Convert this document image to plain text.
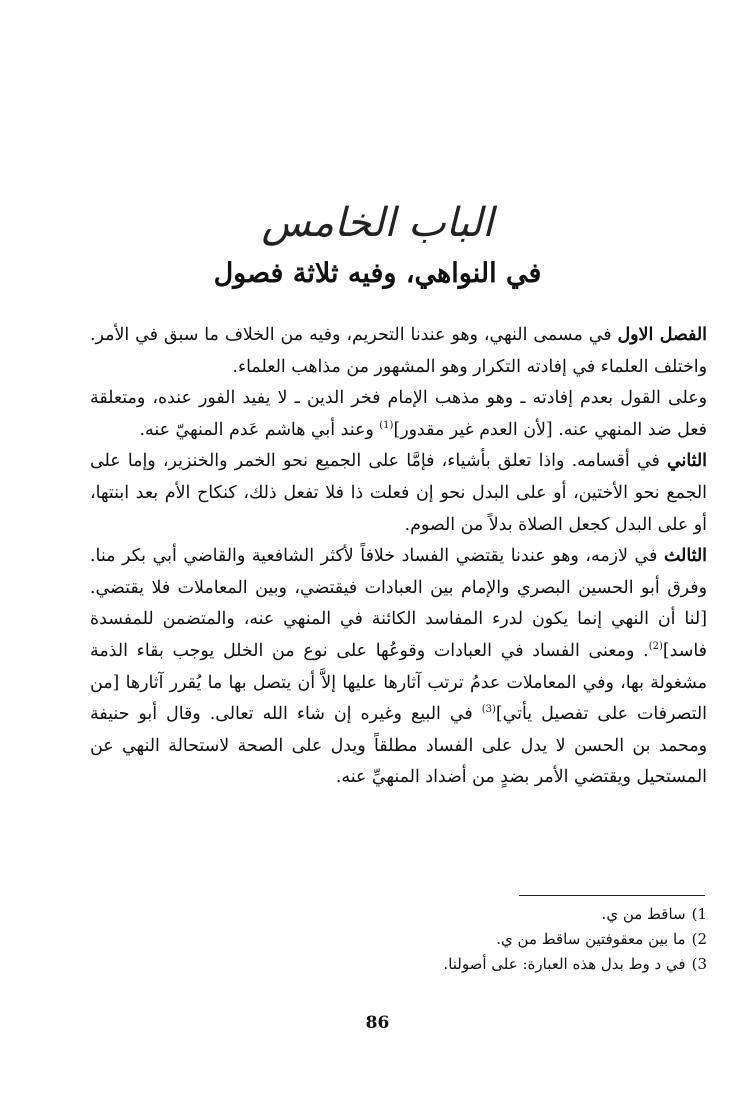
الباب الخامس
في النواهي، وفيه ثلاثة فصول

الفصل الاول في مسمى النهي، وهو عندنا التحريم، وفيه من الخلاف ما سبق في الأمر. واختلف العلماء في إفادته التكرار وهو المشهور من مذاهب العلماء.

وعلى القول بعدم إفادته ـ وهو مذهب الإمام فخر الدين ـ لا يفيد الفور عنده، ومتعلقة فعل ضد المنهي عنه. [لأن العدم غير مقدور]$^{(1)}$ وعند أبي هاشم عَدم المنهيّ عنه.

الثاني في أقسامه. واذا تعلق بأشياء، فإمَّا على الجميع نحو الخمر والخنزير، وإما على الجمع نحو الأختين، أو على البدل نحو إن فعلت ذا فلا تفعل ذلك، كنكاح الأم بعد ابنتها، أو على البدل كجعل الصلاة بدلاً من الصوم.

الثالث في لازمه، وهو عندنا يقتضي الفساد خلافاً لأكثر الشافعية والقاضي أبي بكر منا. وفرق أبو الحسين البصري والإمام بين العبادات فيقتضي، وبين المعاملات فلا يقتضي.[لنا أن النهي إنما يكون لدرء المفاسد الكائنة في المنهي عنه، والمتضمن للمفسدة فاسد]$^{(2)}$. ومعنى الفساد في العبادات وقوعُها على نوع من الخلل يوجب بقاء الذمة مشغولة بها، وفي المعاملات عدمُ ترتب آثارها عليها إلاَّ أن يتصل بها ما يُقرر آثارها [من التصرفات على تفصيل يأتي]$^{(3)}$ في البيع وغيره إن شاء الله تعالى. وقال أبو حنيفة ومحمد بن الحسن لا يدل على الفساد مطلقاً ويدل على الصحة لاستحالة النهي عن المستحيل ويقتضي الأمر بضدٍ من أضداد المنهيِّ عنه.

1)ساقط من ي.
2)ما بين معقوفتين ساقط من ي.
3)في د وط بدل هذه العبارة: على أصولنا.
86
